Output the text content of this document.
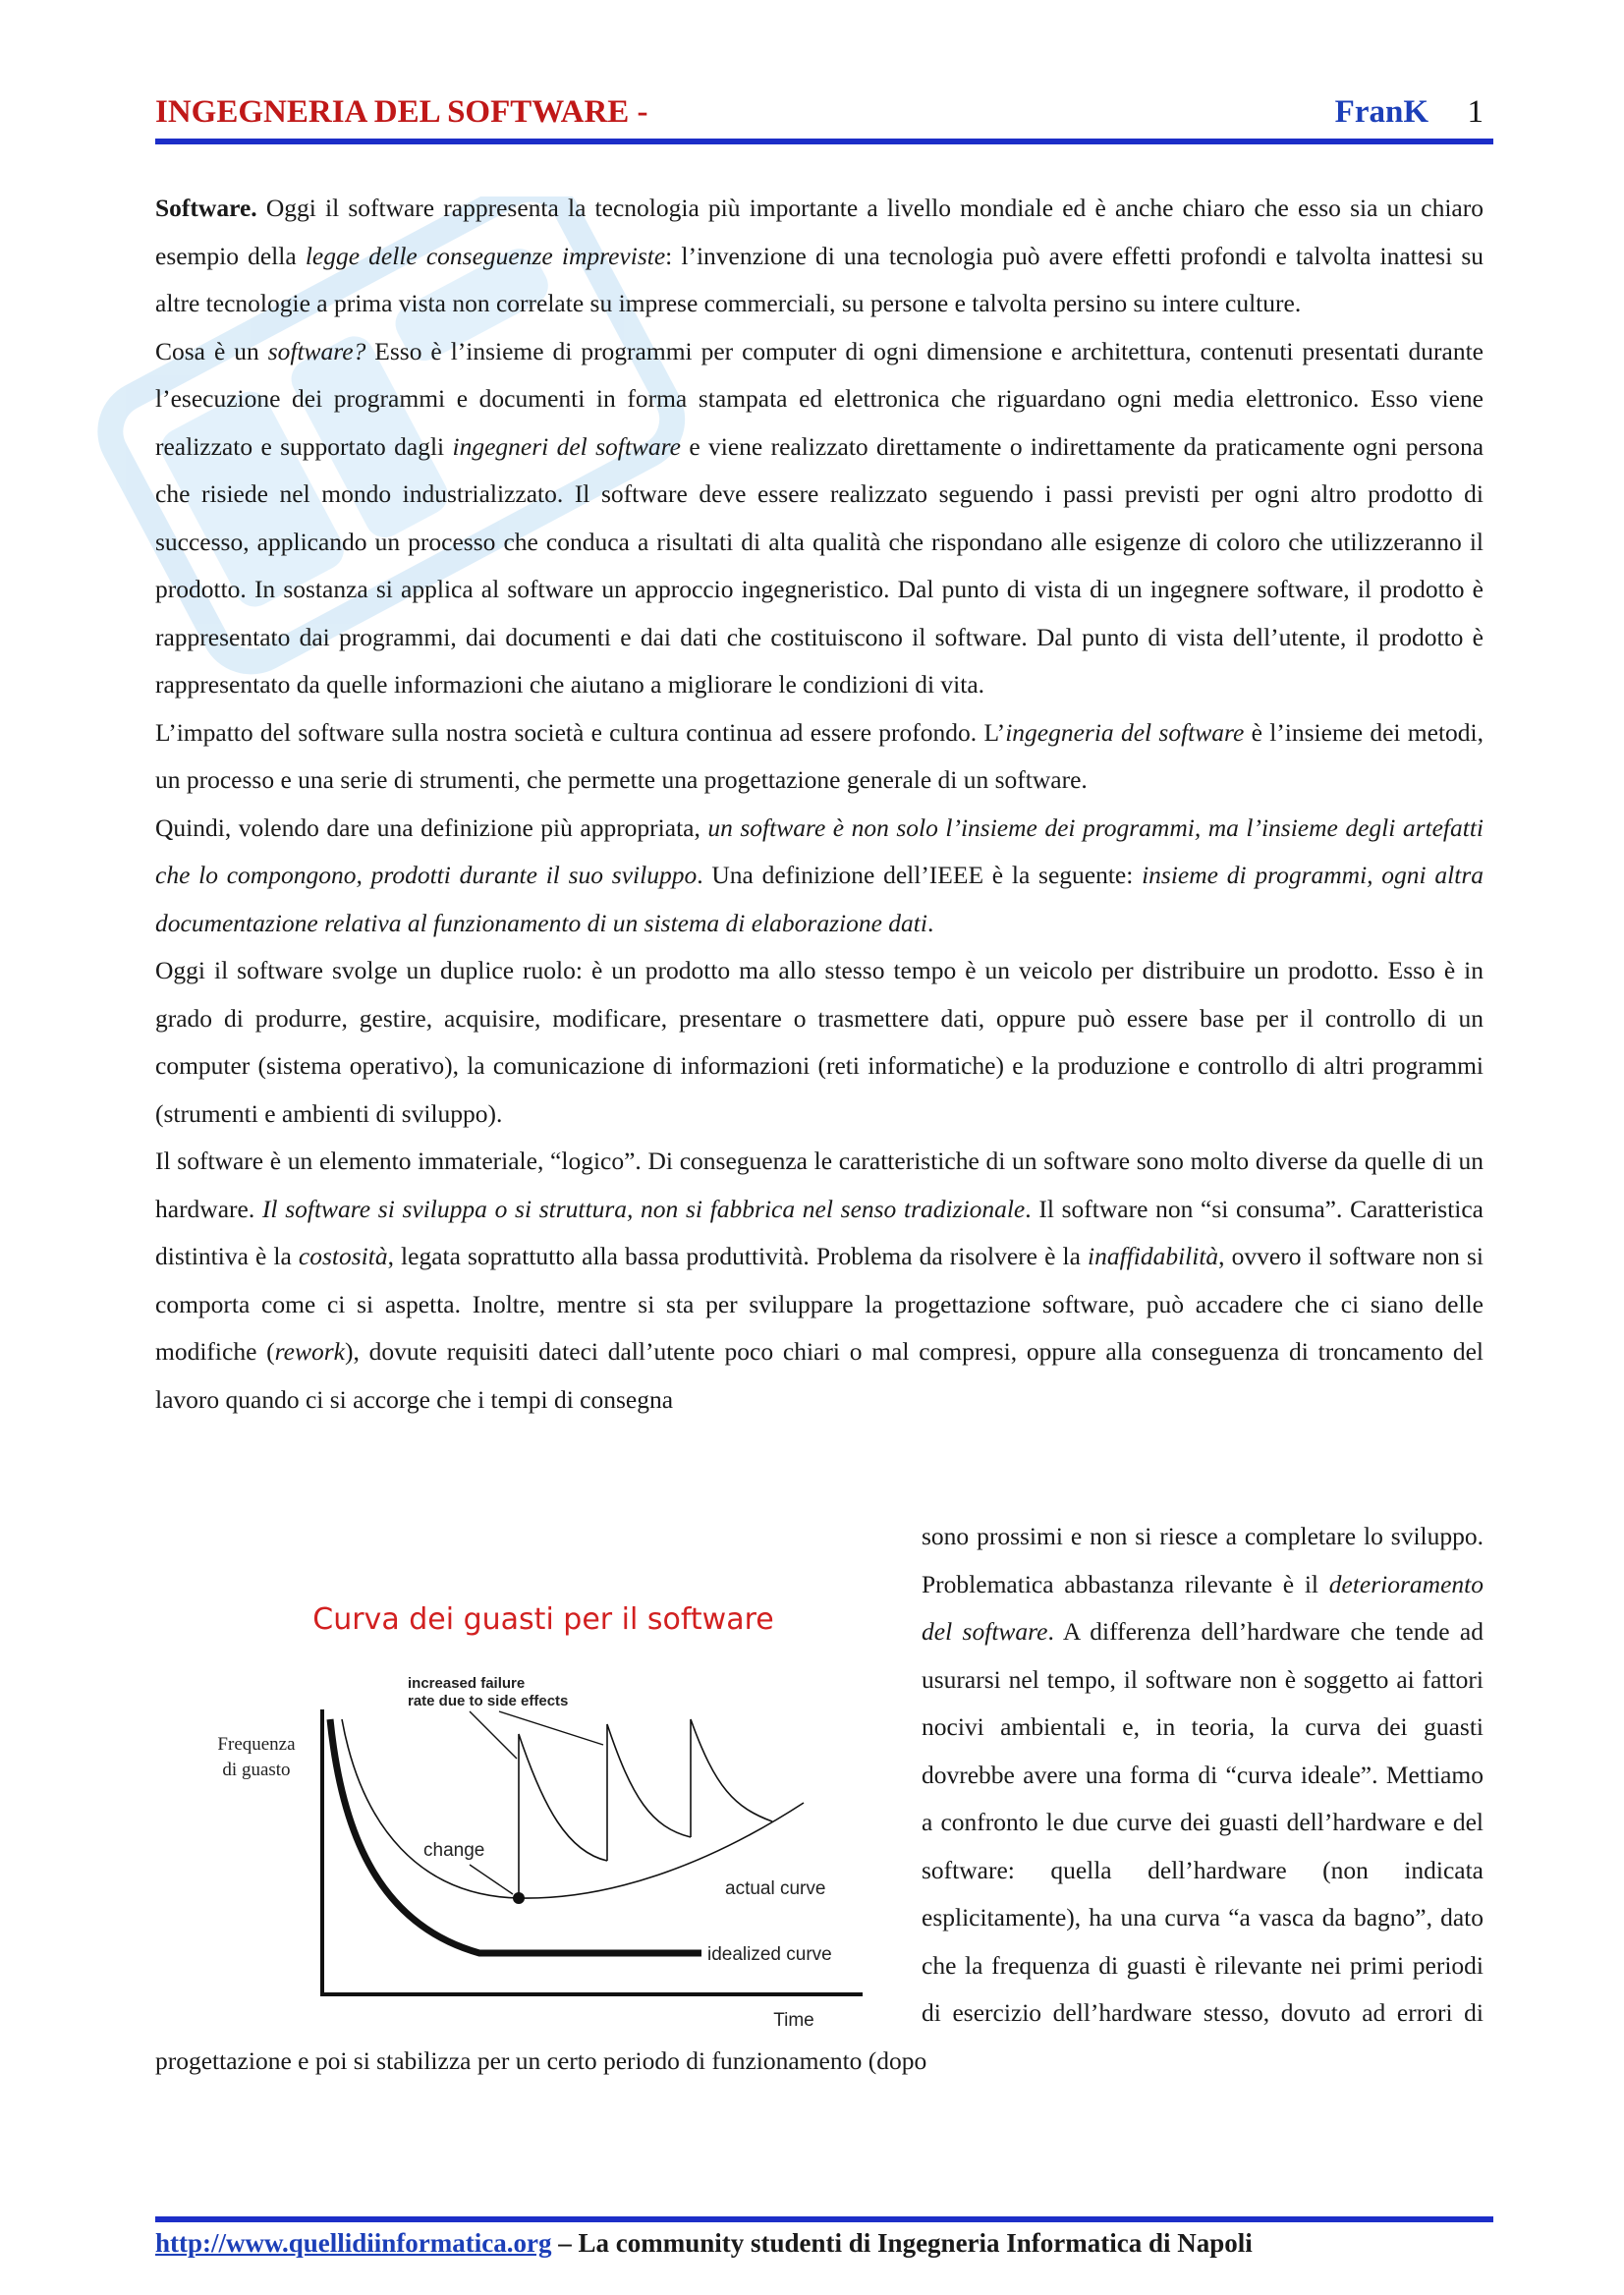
INGEGNERIA DEL SOFTWARE -	FranK 1

Software. Oggi il software rappresenta la tecnologia più importante a livello mondiale ed è anche chiaro che esso sia un chiaro esempio della legge delle conseguenze impreviste: l’invenzione di una tecnologia può avere effetti profondi e talvolta inattesi su altre tecnologie a prima vista non correlate su imprese commerciali, su persone e talvolta persino su intere culture.

Cosa è un software? Esso è l’insieme di programmi per computer di ogni dimensione e architettura, contenuti presentati durante l’esecuzione dei programmi e documenti in forma stampata ed elettronica che riguardano ogni media elettronico. Esso viene realizzato e supportato dagli ingegneri del software e viene realizzato direttamente o indirettamente da praticamente ogni persona che risiede nel mondo industrializzato. Il software deve essere realizzato seguendo i passi previsti per ogni altro prodotto di successo, applicando un processo che conduca a risultati di alta qualità che rispondano alle esigenze di coloro che utilizzeranno il prodotto. In sostanza si applica al software un approccio ingegneristico. Dal punto di vista di un ingegnere software, il prodotto è rappresentato dai programmi, dai documenti e dai dati che costituiscono il software. Dal punto di vista dell’utente, il prodotto è rappresentato da quelle informazioni che aiutano a migliorare le condizioni di vita.

L’impatto del software sulla nostra società e cultura continua ad essere profondo. L’ingegneria del software è l’insieme dei metodi, un processo e una serie di strumenti, che permette una progettazione generale di un software.

Quindi, volendo dare una definizione più appropriata, un software è non solo l’insieme dei programmi, ma l’insieme degli artefatti che lo compongono, prodotti durante il suo sviluppo. Una definizione dell’IEEE è la seguente: insieme di programmi, ogni altra documentazione relativa al funzionamento di un sistema di elaborazione dati.

Oggi il software svolge un duplice ruolo: è un prodotto ma allo stesso tempo è un veicolo per distribuire un prodotto. Esso è in grado di produrre, gestire, acquisire, modificare, presentare o trasmettere dati, oppure può essere base per il controllo di un computer (sistema operativo), la comunicazione di informazioni (reti informatiche) e la produzione e controllo di altri programmi (strumenti e ambienti di sviluppo).

Il software è un elemento immateriale, “logico”. Di conseguenza le caratteristiche di un software sono molto diverse da quelle di un hardware. Il software si sviluppa o si struttura, non si fabbrica nel senso tradizionale. Il software non “si consuma”. Caratteristica distintiva è la costosità, legata soprattutto alla bassa produttività. Problema da risolvere è la inaffidabilità, ovvero il software non si comporta come ci si aspetta. Inoltre, mentre si sta per sviluppare la progettazione software, può accadere che ci siano delle modifiche (rework), dovute requisiti dateci dall’utente poco chiari o mal compresi, oppure alla conseguenza di troncamento del lavoro quando ci si accorge che i tempi di consegna

Curva dei guasti per il software
Frequenza
di guasto
Time
idealized curve
change
actual curve
increased failure
rate due to side effects

sono prossimi e non si riesce a completare lo sviluppo. Problematica abbastanza rilevante è il deterioramento del software. A differenza dell’hardware che tende ad usurarsi nel tempo, il software non è soggetto ai fattori nocivi ambientali e, in teoria, la curva dei guasti dovrebbe avere una forma di “curva ideale”. Mettiamo a confronto le due curve dei guasti dell’hardware e del software: quella dell’hardware (non indicata esplicitamente), ha una curva “a vasca da bagno”, dato che la frequenza di guasti è rilevante nei primi periodi di esercizio dell’hardware stesso, dovuto ad errori di progettazione e poi si stabilizza per un certo periodo di funzionamento (dopo

http://www.quellidiinformatica.org – La community studenti di Ingegneria Informatica di Napoli
